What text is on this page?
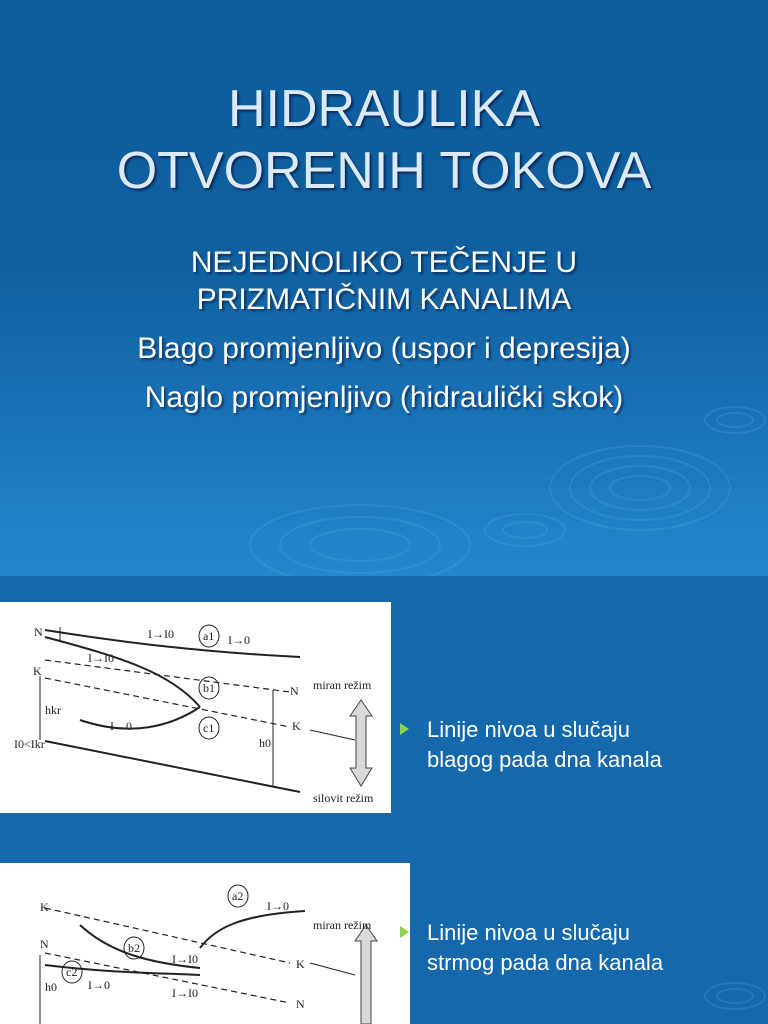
HIDRAULIKA
OTVORENIH TOKOVA
NEJEDNOLIKO TEČENJE U
PRIZMATIČNIM KANALIMA
Blago promjenljivo (uspor i depresija)
Naglo promjenljivo (hidraulički skok)
N
K
N
K
hkr
h0
I0<Ikr
I→I0	I→0
I→I0
I→0
a1
b1
c1
miran režim
silovit režim
Linije nivoa u slučaju
blagog pada dna kanala
K
N
K
N
h0
I→0
I→I0
I→0
I→I0
a2
b2
c2
miran režim	Linije nivoa u slučaju
strmog pada dna kanala
